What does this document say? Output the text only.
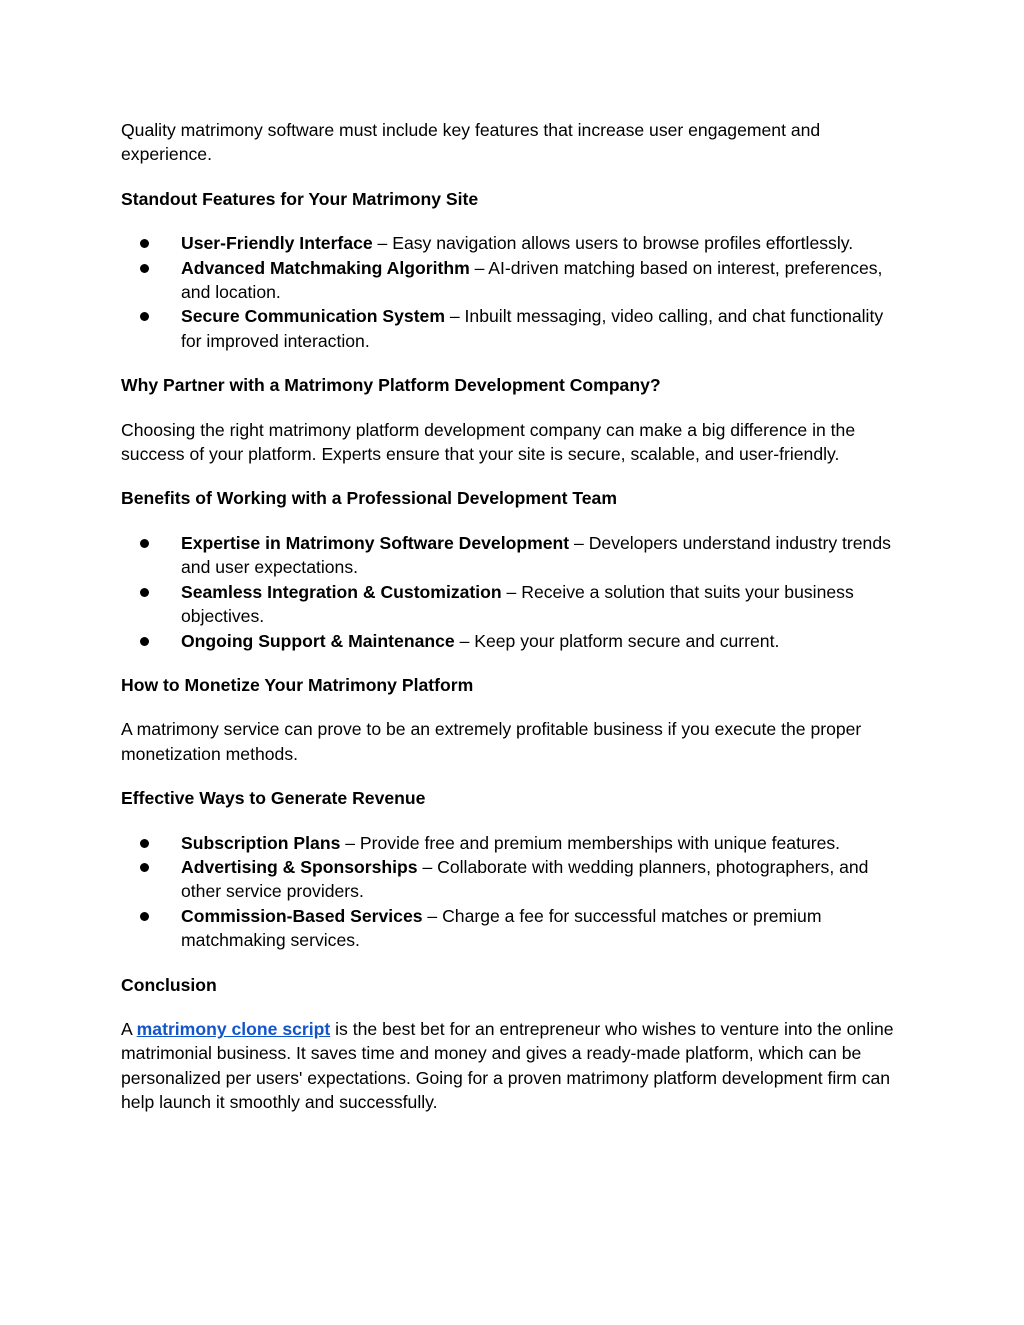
Quality matrimony software must include key features that increase user engagement and experience.

Standout Features for Your Matrimony Site
User-Friendly Interface – Easy navigation allows users to browse profiles effortlessly.
Advanced Matchmaking Algorithm – AI-driven matching based on interest, preferences, and location.
Secure Communication System – Inbuilt messaging, video calling, and chat functionality for improved interaction.
Why Partner with a Matrimony Platform Development Company?

Choosing the right matrimony platform development company can make a big difference in the success of your platform. Experts ensure that your site is secure, scalable, and user-friendly.

Benefits of Working with a Professional Development Team
Expertise in Matrimony Software Development – Developers understand industry trends and user expectations.
Seamless Integration & Customization – Receive a solution that suits your business objectives.
Ongoing Support & Maintenance – Keep your platform secure and current.
How to Monetize Your Matrimony Platform

A matrimony service can prove to be an extremely profitable business if you execute the proper monetization methods.

Effective Ways to Generate Revenue
Subscription Plans – Provide free and premium memberships with unique features.
Advertising & Sponsorships – Collaborate with wedding planners, photographers, and other service providers.
Commission-Based Services – Charge a fee for successful matches or premium matchmaking services.
Conclusion

A matrimony clone script is the best bet for an entrepreneur who wishes to venture into the online matrimonial business. It saves time and money and gives a ready-made platform, which can be personalized per users' expectations. Going for a proven matrimony platform development firm can help launch it smoothly and successfully.
